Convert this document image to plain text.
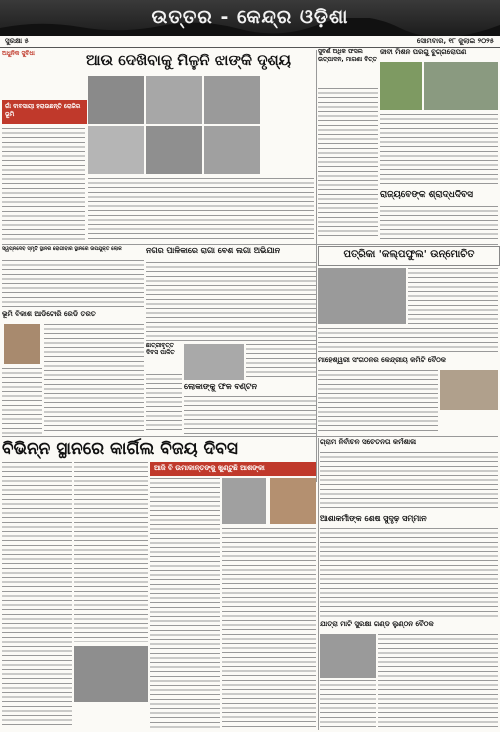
ଉତ୍ତର - କେନ୍ଦ୍ର ଓଡ଼ିଶା
ସୁରକ୍ଷା ୫	ସୋମବାର, ୧୮ ଜୁଲାଇ ୨୦୨୫
ଅଧୁନିକ ସୁବିଧା	ଆଉ ଦେଖିବାକୁ ମିଳୁନି ଝାଙ୍କି ଦୃଶ୍ୟ
ଗାଁ ବାବସାୟୀ ହରାଉଛନ୍ତି ରୋଜିର ଭୂମି
ସୁବର୍ଣ ଅଧିକ ଫସଲ ଉତ୍ପାଦନ, ମାଗଣା ବିତ୍ତ
ଜୀବୀ ମିଶନ ପରଗୁ ବୁଗ୍ଗରୋପଣ
ରାଜ୍ୟବେଙ୍କ ଶ୍ରାଦ୍ଧଦିବସ
ସ୍ୱପ୍ନଦେବ ସ୍ମୃତି ସ୍ଥାନର ରୋଗୀବାର ସ୍ଥାନରେ ଉପଯୁକ୍ତ ଲୋକ
ଭୂମି ବିକାଶ ଆଡିଟୋରି ରେଡି ତରତ
ନଗର ପାଳିକାରେ ରାଗା ବେଶ ଲଗା ଅଭିଯାନ
ଛାତ୍ରୀବୃତ୍ତ ଦିବସ ପାଳିତ
ଲୋକାଙ୍କୁ ଫଳ ବଣ୍ଟନ
ପତ୍ରିକା 'କଲ୍ପଫୁଲ' ଉନ୍ମୋଚିତ
ମାହେଶ୍ୱରୀ ସଂଗଠନର କେନ୍ଦ୍ରୀୟ କମିଟି ବୈଠକ
ବିଭିନ୍ନ ସ୍ଥାନରେ କାର୍ଗିଲ ବିଜୟ ଦିବସ
ଆଜି ବି ଉମାକାନ୍ତଙ୍କୁ ଖୁଣ୍ଟୁଛି ଆଶଙ୍କା
ଗ୍ରାମ ନିର୍ବାଚନ ସଚେତନତା କର୍ମଶାଳା
ଆଶାକର୍ମୀଙ୍କ ଶେଷ ସୁଦୃଢ଼ ସମ୍ମାନ
ଯାତ୍ରା ମାଟି ସୁରକ୍ଷା ଗଣ୍ଡ ଲୁଣ୍ଠନ ବୈଠକ
